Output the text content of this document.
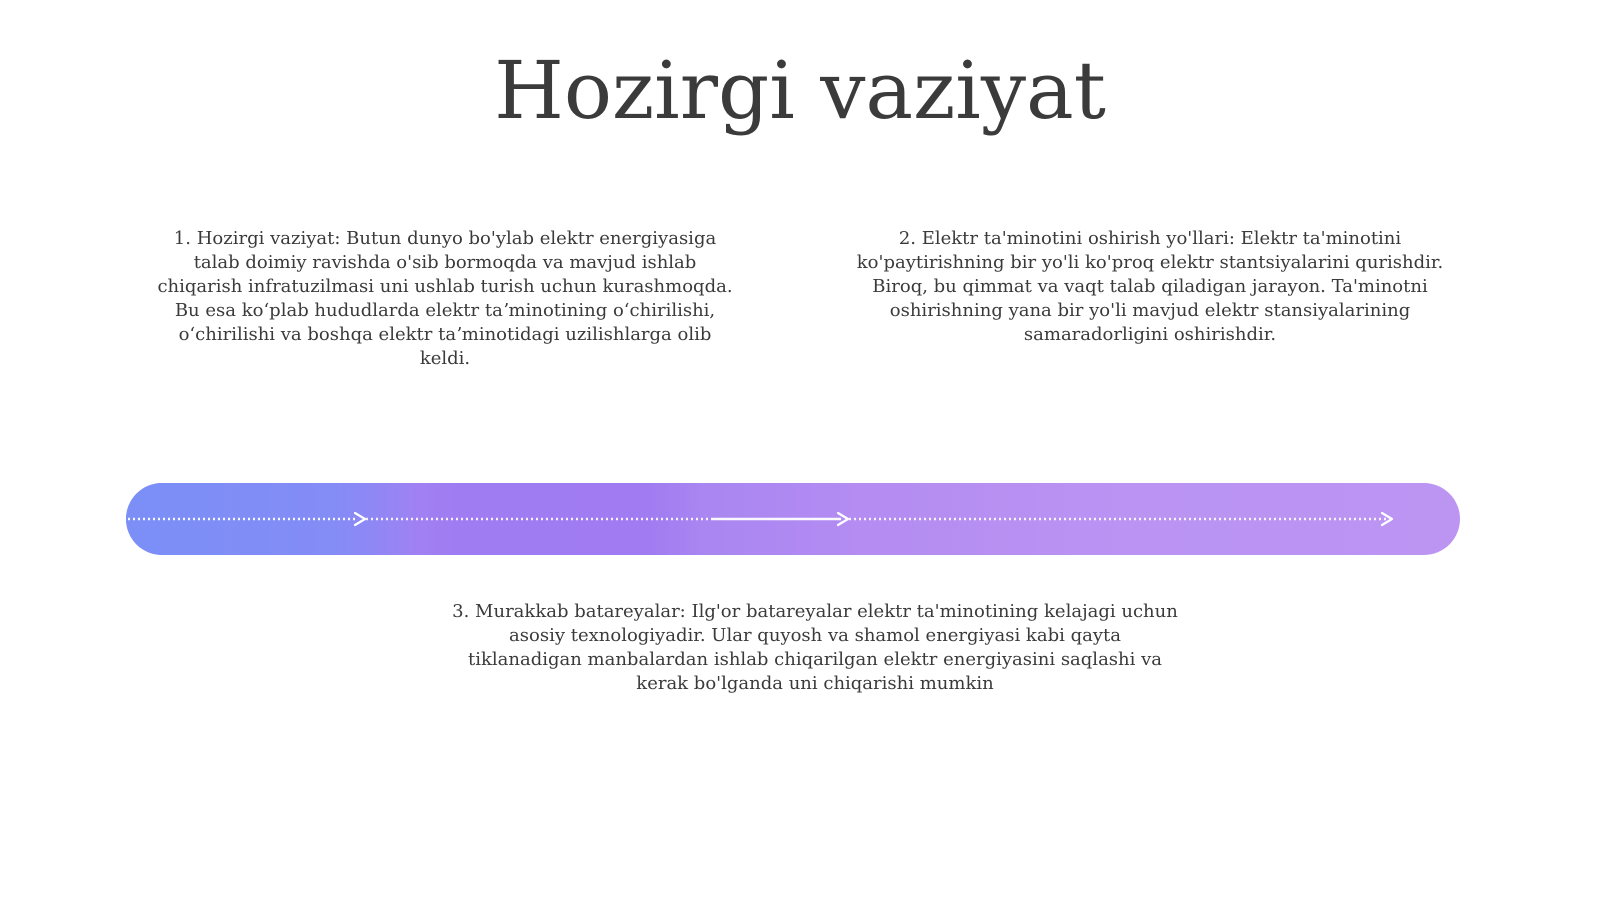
Hozirgi vaziyat

1. Hozirgi vaziyat: Butun dunyo bo'ylab elektr energiyasiga talab doimiy ravishda o'sib bormoqda va mavjud ishlab chiqarish infratuzilmasi uni ushlab turish uchun kurashmoqda. Bu esa koʻplab hududlarda elektr taʼminotining oʻchirilishi, oʻchirilishi va boshqa elektr taʼminotidagi uzilishlarga olib keldi.

2. Elektr ta'minotini oshirish yo'llari: Elektr ta'minotini ko'paytirishning bir yo'li ko'proq elektr stantsiyalarini qurishdir. Biroq, bu qimmat va vaqt talab qiladigan jarayon. Ta'minotni oshirishning yana bir yo'li mavjud elektr stansiyalarining samaradorligini oshirishdir.

3. Murakkab batareyalar: Ilg'or batareyalar elektr ta'minotining kelajagi uchun asosiy texnologiyadir. Ular quyosh va shamol energiyasi kabi qayta tiklanadigan manbalardan ishlab chiqarilgan elektr energiyasini saqlashi va kerak bo'lganda uni chiqarishi mumkin
